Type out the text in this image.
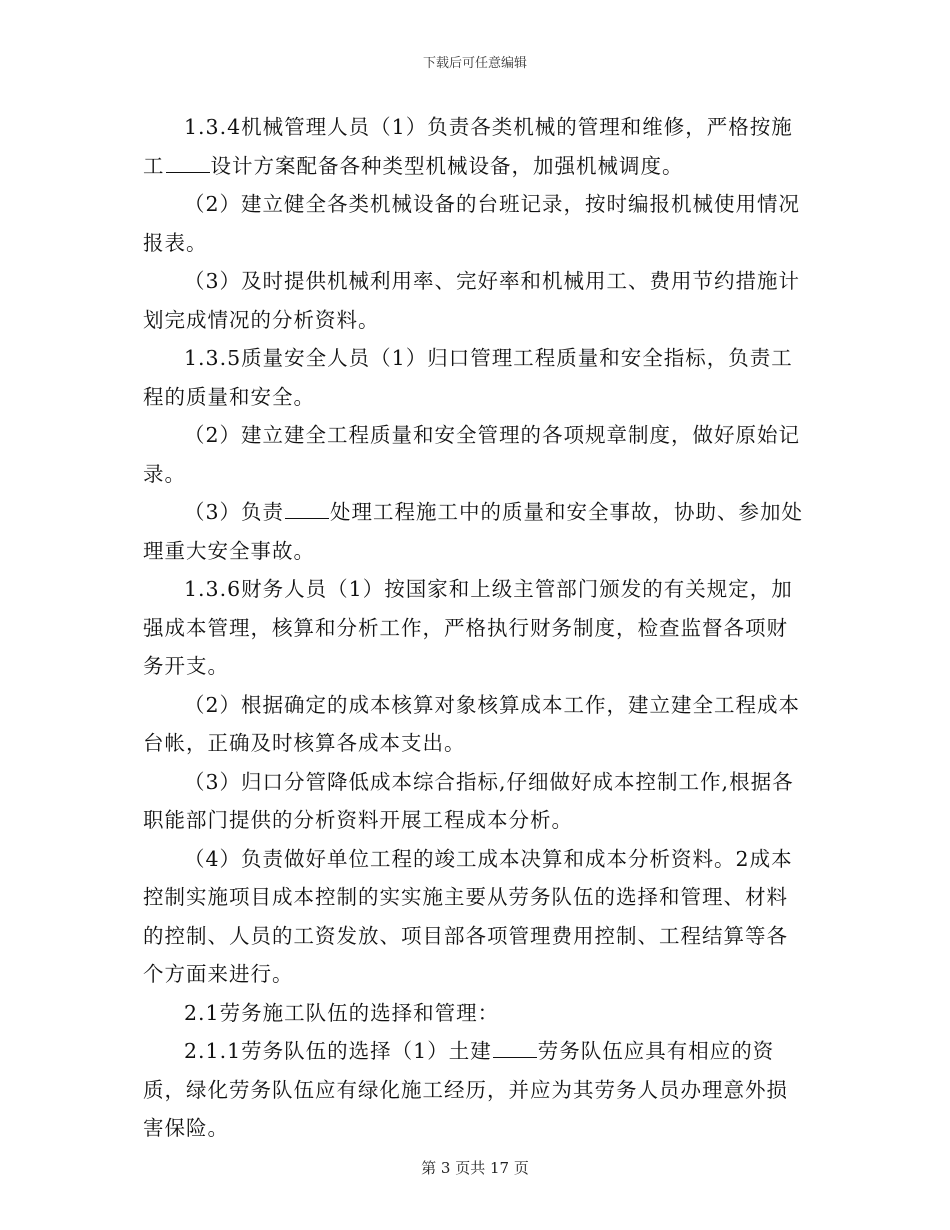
下载后可任意编辑

1.3.4机械管理人员（1）负责各类机械的管理和维修，严格按施工 设计方案配备各种类型机械设备，加强机械调度。

（2）建立健全各类机械设备的台班记录，按时编报机械使用情况报表。

（3）及时提供机械利用率、完好率和机械用工、费用节约措施计划完成情况的分析资料。

1.3.5质量安全人员（1）归口管理工程质量和安全指标，负责工程的质量和安全。

（2）建立建全工程质量和安全管理的各项规章制度，做好原始记录。

（3）负责 处理工程施工中的质量和安全事故，协助、参加处理重大安全事故。

1.3.6财务人员（1）按国家和上级主管部门颁发的有关规定，加强成本管理，核算和分析工作，严格执行财务制度，检查监督各项财务开支。

（2）根据确定的成本核算对象核算成本工作，建立建全工程成本台帐，正确及时核算各成本支出。

（3）归口分管降低成本综合指标,仔细做好成本控制工作,根据各职能部门提供的分析资料开展工程成本分析。

（4）负责做好单位工程的竣工成本决算和成本分析资料。2成本控制实施项目成本控制的实实施主要从劳务队伍的选择和管理、材料的控制、人员的工资发放、项目部各项管理费用控制、工程结算等各个方面来进行。

2.1劳务施工队伍的选择和管理：

2.1.1劳务队伍的选择（1）土建 劳务队伍应具有相应的资质，绿化劳务队伍应有绿化施工经历，并应为其劳务人员办理意外损害保险。

第 3 页共 17 页
